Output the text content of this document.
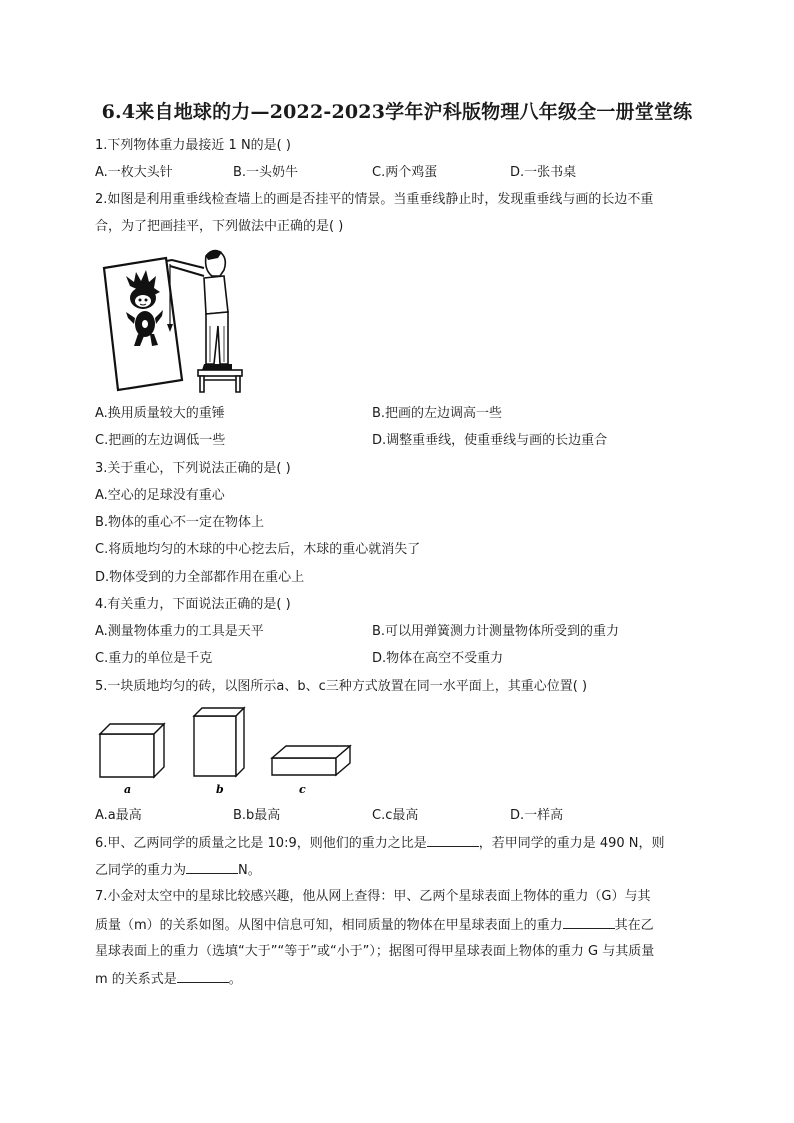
6.4来自地球的力—2022-2023学年沪科版物理八年级全一册堂堂练
1.下列物体重力最接近 1 N的是( )
A.一枚大头针	B.一头奶牛	C.两个鸡蛋	D.一张书桌
2.如图是利用重垂线检查墙上的画是否挂平的情景。当重垂线静止时，发现重垂线与画的长边不重
合，为了把画挂平，下列做法中正确的是( )
A.换用质量较大的重锤	B.把画的左边调高一些
C.把画的左边调低一些	D.调整重垂线，使重垂线与画的长边重合
3.关于重心，下列说法正确的是( )
A.空心的足球没有重心
B.物体的重心不一定在物体上
C.将质地均匀的木球的中心挖去后，木球的重心就消失了
D.物体受到的力全部都作用在重心上
4.有关重力，下面说法正确的是( )
A.测量物体重力的工具是天平	B.可以用弹簧测力计测量物体所受到的重力
C.重力的单位是千克	D.物体在高空不受重力
5.一块质地均匀的砖，以图所示a、b、c三种方式放置在同一水平面上，其重心位置( )
a	b	c
A.a最高	B.b最高	C.c最高	D.一样高
6.甲、乙两同学的质量之比是 10:9，则他们的重力之比是	，若甲同学的重力是 490 N，则
乙同学的重力为	N。
7.小金对太空中的星球比较感兴趣，他从网上查得：甲、乙两个星球表面上物体的重力（G）与其
质量（m）的关系如图。从图中信息可知，相同质量的物体在甲星球表面上的重力	其在乙
星球表面上的重力（选填“大于”“等于”或“小于”）；据图可得甲星球表面上物体的重力 G 与其质量
m 的关系式是	。
